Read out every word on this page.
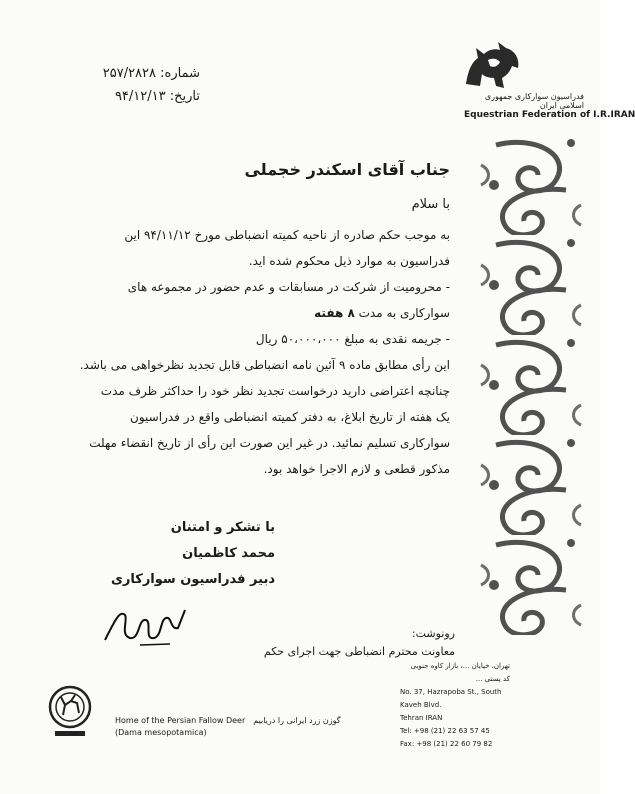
شماره: ۲۵۷/۲۸۲۸
تاریخ: ۹۴/۱۲/۱۳	فدراسیون سوارکاری جمهوری اسلامی ایران
Equestrian Federation of I.R.IRAN

جناب آقای اسکندر خجملی

با سلام

به موجب حکم صادره از ناحیه کمیته انضباطی مورخ ۹۴/۱۱/۱۲ این

فدراسیون به موارد ذیل محکوم شده اید.

- محرومیت از شرکت در مسابقات و عدم حضور در مجموعه های

سوارکاری به مدت ۸ هفته

- جریمه نقدی به مبلغ ۵۰،۰۰۰،۰۰۰ ریال

این رأی مطابق ماده ۹ آئین نامه انضباطی قابل تجدید نظرخواهی می باشد.

چنانچه اعتراضی دارید درخواست تجدید نظر خود را حداکثر ظرف مدت

یک هفته از تاریخ ابلاغ، به دفتر کمیته انضباطی واقع در فدراسیون

سوارکاری تسلیم نمائید. در غیر این صورت این رأی از تاریخ انقضاء مهلت

مذکور قطعی و لازم الاجرا خواهد بود.

با تشکر و امتنان
محمد کاظمیان
دبیر فدراسیون سوارکاری
رونوشت:
معاونت محترم انضباطی جهت اجرای حکم
تهران، خیابان ...، بازار کاوه جنوبی
کد پستی ...
No. 37, Hazrapoba St., South Kaveh Blvd.
Tehran IRAN
Tel: +98 (21) 22 63 57 45
Fax: +98 (21) 22 60 79 82
Home of the Persian Fallow Deer
(Dama mesopotamica)
گوزن زرد ایرانی را دریابیم
